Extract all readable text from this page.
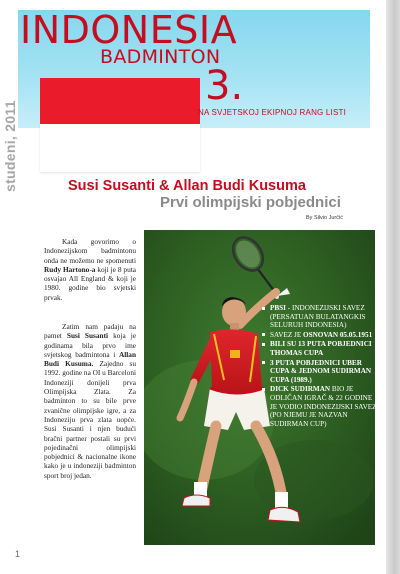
INDONESIA
BADMINTON
3.
NA SVJETSKOJ EKIPNOJ RANG LISTI
studeni, 2011	Susi Susanti & Allan Budi Kusuma
Prvi olimpijski pobjednici
By Silvio Jurčić
Kada govorimo o Indonezijskom badmintonu onda ne možemo ne spomenuti Rudy Hartono-a koji je 8 puta osvajao All England & koji je 1980. godine bio svjetski prvak.
Zatim nam padaju na pamet Susi Susanti koja je godinama bila prvo ime svjetskog badmintona i Allan Budi Kusuma. Zajedno su 1992. godine na OI u Barceloni Indoneziji donijeli prva Olimpijska Zlata. Za badminton to su bile prve zvanične olimpijske igre, a za Indoneziju prva zlata uopće. Susi Susanti i njen budući bračni partner postali su prvi pojedinačni olimpijski pobjednici & nacionalne ikone kako je u indoneziji badminton sport broj jedan.
PBSI - INDONEZIJSKI SAVEZ (PERSATUAN BULATANGKIS SELURUH INDONESIA)
SAVEZ JE OSNOVAN 05.05.1951
BILI SU 13 PUTA POBJEDNICI THOMAS CUPA
3 PUTA POBJEDNICI UBER CUPA & JEDNOM SUDIRMAN CUPA (1989.)
DICK SUDIRMAN BIO JE ODLIČAN IGRAČ & 22 GODINE JE VODIO INDONEZIJSKI SAVEZ (PO NJEMU JE NAZVAN SUDIRMAN CUP)
1
